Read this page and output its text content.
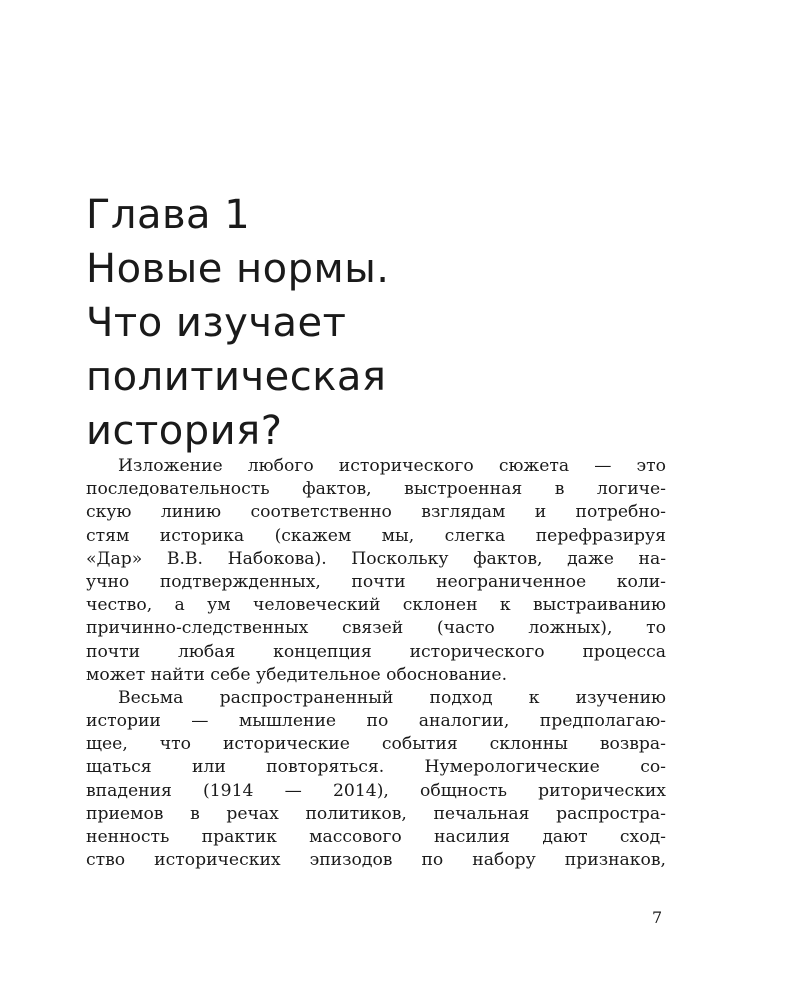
Глава 1
Новые нормы.
Что изучает
политическая
история?
Изложение любого исторического сюжета — это
последовательность фактов, выстроенная в логиче-
скую линию соответственно взглядам и потребно-
стям историка (скажем мы, слегка перефразируя
«Дар» В.В. Набокова). Поскольку фактов, даже на-
учно подтвержденных, почти неограниченное коли-
чество, а ум человеческий склонен к выстраиванию
причинно-следственных связей (часто ложных), то
почти любая концепция исторического процесса
может найти себе убедительное обоснование.
Весьма распространенный подход к изучению
истории — мышление по аналогии, предполагаю-
щее, что исторические события склонны возвра-
щаться или повторяться. Нумерологические со-
впадения (1914 — 2014), общность риторических
приемов в речах политиков, печальная распростра-
ненность практик массового насилия дают сход-
ство исторических эпизодов по набору признаков,
7
